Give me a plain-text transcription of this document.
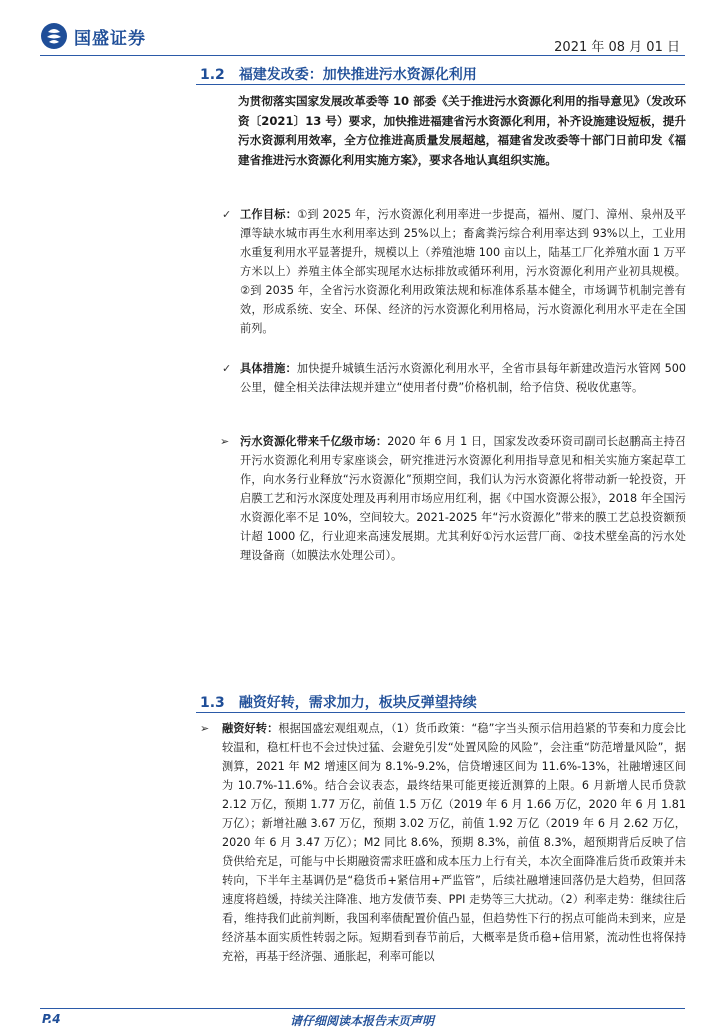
国盛证券	2021 年 08 月 01 日
1.2 福建发改委：加快推进污水资源化利用
为贯彻落实国家发展改革委等 10 部委《关于推进污水资源化利用的指导意见》（发改环资〔2021〕13 号）要求，加快推进福建省污水资源化利用，补齐设施建设短板，提升污水资源利用效率，全方位推进高质量发展超越，福建省发改委等十部门日前印发《福建省推进污水资源化利用实施方案》，要求各地认真组织实施。
✓ 工作目标：①到 2025 年，污水资源化利用率进一步提高，福州、厦门、漳州、泉州及平潭等缺水城市再生水利用率达到 25%以上；畜禽粪污综合利用率达到 93%以上，工业用水重复利用水平显著提升，规模以上（养殖池塘 100 亩以上，陆基工厂化养殖水面 1 万平方米以上）养殖主体全部实现尾水达标排放或循环利用，污水资源化利用产业初具规模。②到 2035 年，全省污水资源化利用政策法规和标准体系基本健全，市场调节机制完善有效，形成系统、安全、环保、经济的污水资源化利用格局，污水资源化利用水平走在全国前列。
✓ 具体措施：加快提升城镇生活污水资源化利用水平，全省市县每年新建改造污水管网 500 公里，健全相关法律法规并建立“使用者付费”价格机制，给予信贷、税收优惠等。
➢ 污水资源化带来千亿级市场：2020 年 6 月 1 日，国家发改委环资司副司长赵鹏高主持召开污水资源化利用专家座谈会，研究推进污水资源化利用指导意见和相关实施方案起草工作，向水务行业释放“污水资源化”预期空间，我们认为污水资源化将带动新一轮投资，开启膜工艺和污水深度处理及再利用市场应用红利，据《中国水资源公报》，2018 年全国污水资源化率不足 10%，空间较大。2021-2025 年“污水资源化”带来的膜工艺总投资额预计超 1000 亿，行业迎来高速发展期。尤其利好①污水运营厂商、②技术壁垒高的污水处理设备商（如膜法水处理公司）。
1.3 融资好转，需求加力，板块反弹望持续
➢ 融资好转：根据国盛宏观组观点，（1）货币政策：“稳”字当头预示信用趋紧的节奏和力度会比较温和，稳杠杆也不会过快过猛、会避免引发“处置风险的风险”，会注重“防范增量风险”，据测算，2021 年 M2 增速区间为 8.1%-9.2%，信贷增速区间为 11.6%-13%，社融增速区间为 10.7%-11.6%。结合会议表态，最终结果可能更接近测算的上限。6 月新增人民币贷款 2.12 万亿，预期 1.77 万亿，前值 1.5 万亿（2019 年 6 月 1.66 万亿，2020 年 6 月 1.81 万亿）；新增社融 3.67 万亿，预期 3.02 万亿，前值 1.92 万亿（2019 年 6 月 2.62 万亿，2020 年 6 月 3.47 万亿）；M2 同比 8.6%，预期 8.3%，前值 8.3%，超预期背后反映了信贷供给充足，可能与中长期融资需求旺盛和成本压力上行有关，本次全面降准后货币政策并未转向，下半年主基调仍是“稳货币+紧信用+严监管”，后续社融增速回落仍是大趋势，但回落速度将趋缓，持续关注降准、地方发债节奏、PPI 走势等三大扰动。（2）利率走势：继续往后看，维持我们此前判断，我国利率债配置价值凸显，但趋势性下行的拐点可能尚未到来，应是经济基本面实质性转弱之际。短期看到春节前后，大概率是货币稳+信用紧，流动性也将保持充裕，再基于经济强、通胀起，利率可能以
P.4	请仔细阅读本报告末页声明
